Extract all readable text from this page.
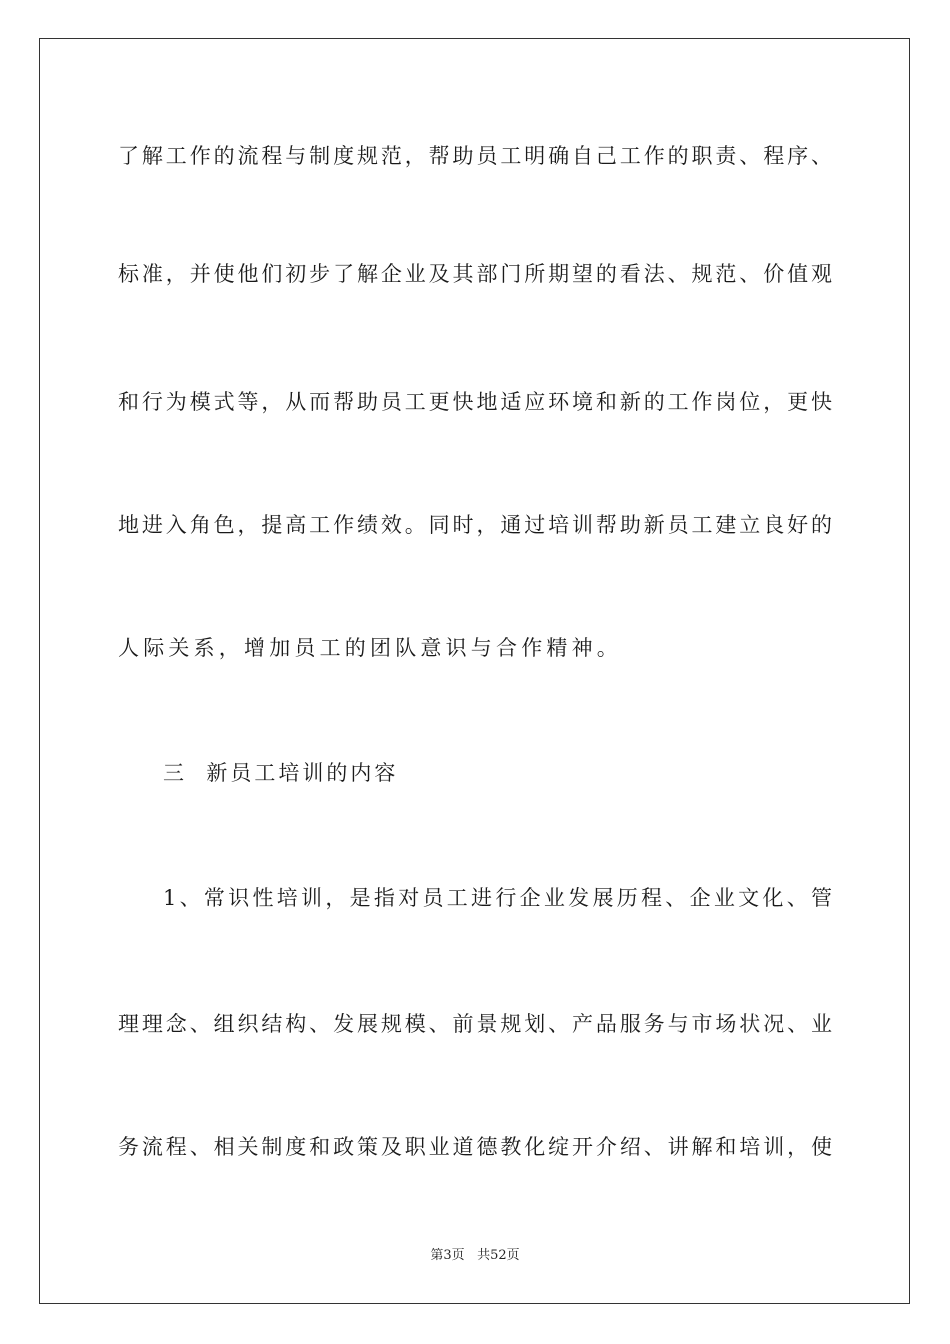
了解工作的流程与制度规范，帮助员工明确自己工作的职责、程序、
标准，并使他们初步了解企业及其部门所期望的看法、规范、价值观
和行为模式等，从而帮助员工更快地适应环境和新的工作岗位，更快
地进入角色，提高工作绩效。同时，通过培训帮助新员工建立良好的
人际关系，增加员工的团队意识与合作精神。
三  新员工培训的内容
1、常识性培训，是指对员工进行企业发展历程、企业文化、管
理理念、组织结构、发展规模、前景规划、产品服务与市场状况、业
务流程、相关制度和政策及职业道德教化绽开介绍、讲解和培训，使
第3页 共52页
